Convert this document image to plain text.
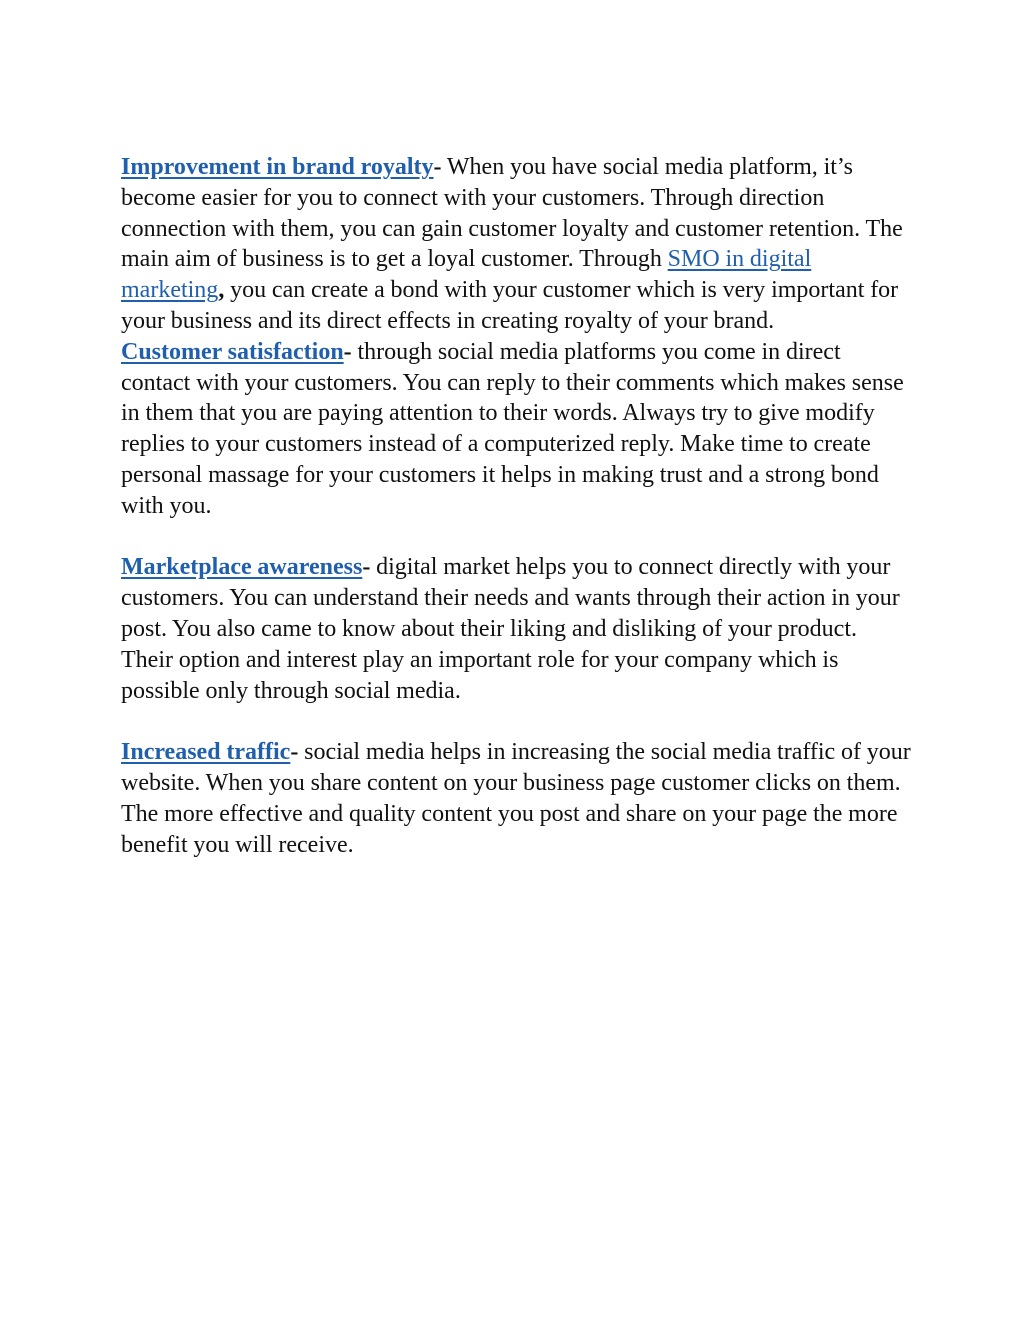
Improvement in brand royalty- When you have social media platform, it’s become easier for you to connect with your customers. Through direction connection with them, you can gain customer loyalty and customer retention. The main aim of business is to get a loyal customer. Through SMO in digital marketing, you can create a bond with your customer which is very important for your business and its direct effects in creating royalty of your brand.

Customer satisfaction- through social media platforms you come in direct contact with your customers. You can reply to their comments which makes sense in them that you are paying attention to their words. Always try to give modify replies to your customers instead of a computerized reply. Make time to create personal massage for your customers it helps in making trust and a strong bond with you.

Marketplace awareness- digital market helps you to connect directly with your customers. You can understand their needs and wants through their action in your post. You also came to know about their liking and disliking of your product. Their option and interest play an important role for your company which is possible only through social media.

Increased traffic- social media helps in increasing the social media traffic of your website. When you share content on your business page customer clicks on them. The more effective and quality content you post and share on your page the more benefit you will receive.
